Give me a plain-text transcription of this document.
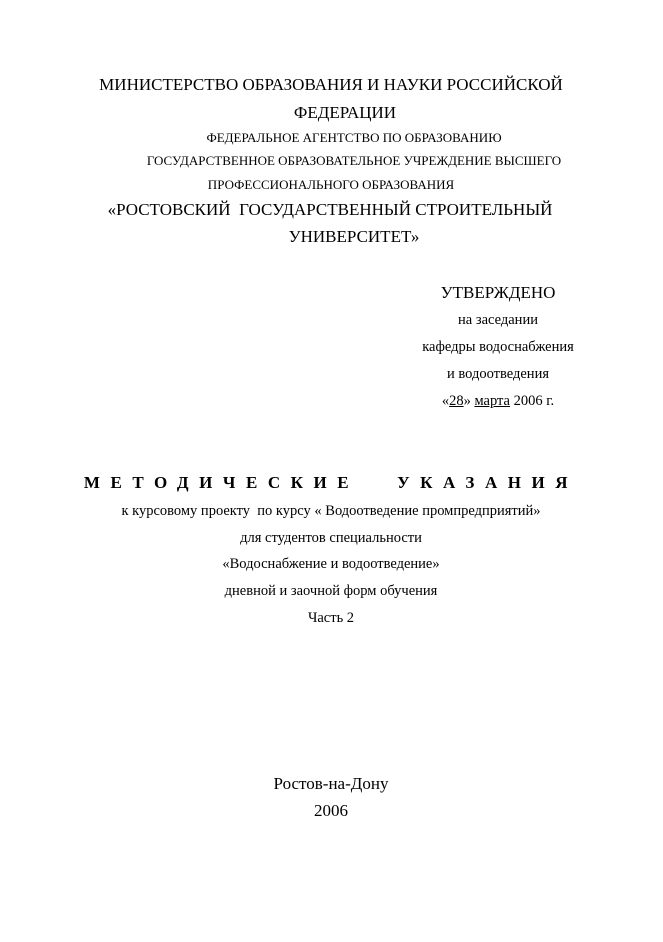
МИНИСТЕРСТВО ОБРАЗОВАНИЯ И НАУКИ РОССИЙСКОЙ
ФЕДЕРАЦИИ
ФЕДЕРАЛЬНОЕ АГЕНТСТВО ПО ОБРАЗОВАНИЮ
ГОСУДАРСТВЕННОЕ ОБРАЗОВАТЕЛЬНОЕ УЧРЕЖДЕНИЕ ВЫСШЕГО
ПРОФЕССИОНАЛЬНОГО ОБРАЗОВАНИЯ
«РОСТОВСКИЙ  ГОСУДАРСТВЕННЫЙ СТРОИТЕЛЬНЫЙ
УНИВЕРСИТЕТ»
УТВЕРЖДЕНО
на заседании
кафедры водоснабжения
и водоотведения
«28» марта 2006 г.
МЕТОДИЧЕСКИЕ УКАЗАНИЯ
к курсовому проекту  по курсу « Водоотведение промпредприятий»
для студентов специальности
«Водоснабжение и водоотведение»
дневной и заочной форм обучения
Часть 2
Ростов-на-Дону
2006
